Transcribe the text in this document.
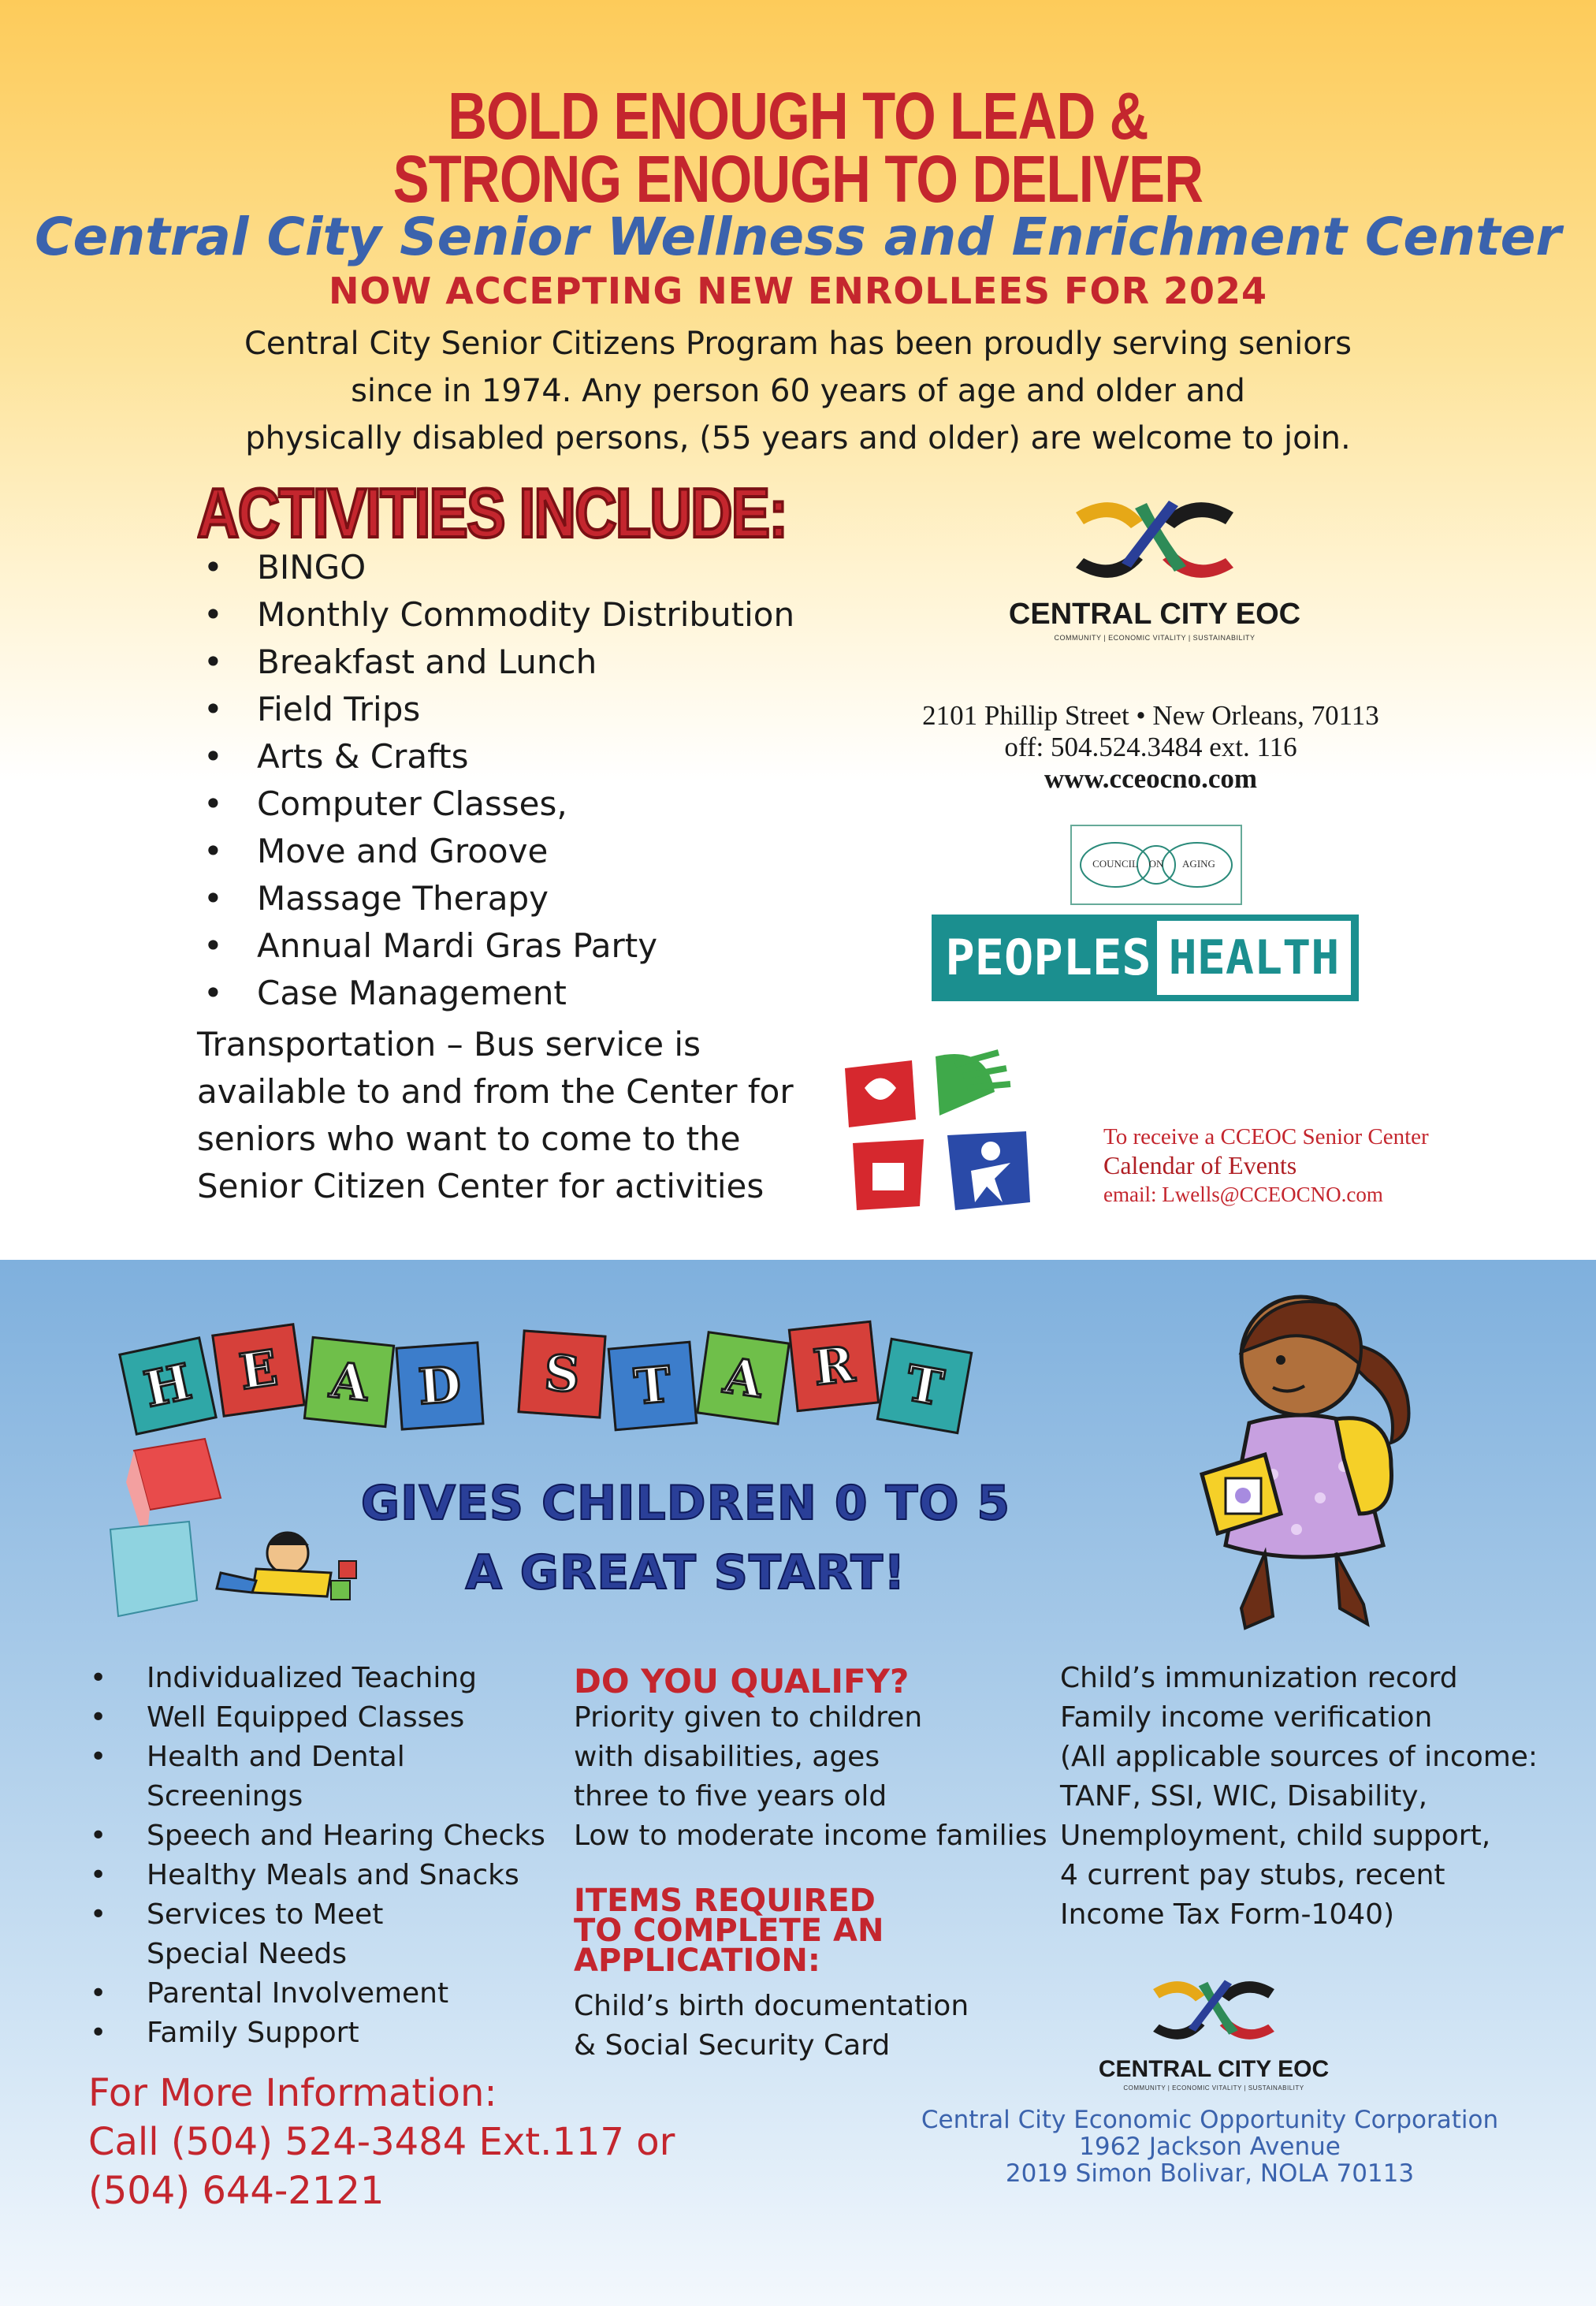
BOLD ENOUGH TO LEAD &
STRONG ENOUGH TO DELIVER
Central City Senior Wellness and Enrichment Center
NOW ACCEPTING NEW ENROLLEES FOR 2024
Central City Senior Citizens Program has been proudly serving seniors
since in 1974. Any person 60 years of age and older and
physically disabled persons, (55 years and older) are welcome to join.
ACTIVITIES INCLUDE:
• BINGO
• Monthly Commodity Distribution
• Breakfast and Lunch
• Field Trips
• Arts & Crafts
• Computer Classes,
• Move and Groove
• Massage Therapy
• Annual Mardi Gras Party
• Case Management
Transportation – Bus service is
available to and from the Center for
seniors who want to come to the
Senior Citizen Center for activities
CENTRAL CITY EOC
COMMUNITY | ECONOMIC VITALITY | SUSTAINABILITY
2101 Phillip Street • New Orleans, 70113
off: 504.524.3484 ext. 116
www.cceocno.com
COUNCIL	ON	AGING
PEOPLES HEALTH
To receive a CCEOC Senior Center
Calendar of Events
email: Lwells@CCEOCNO.com
H E A D	S	T A R T
GIVES CHILDREN 0 TO 5
A GREAT START!
• Individualized Teaching
• Well Equipped Classes
• Health and Dental
Screenings
• Speech and Hearing Checks
• Healthy Meals and Snacks
• Services to Meet
Special Needs
• Parental Involvement
• Family Support
DO YOU QUALIFY?
Priority given to children
with disabilities, ages
three to five years old
Low to moderate income families
ITEMS REQUIRED
TO COMPLETE AN
APPLICATION:
Child’s birth documentation
& Social Security Card
Child’s immunization record
Family income verification
(All applicable sources of income:
TANF, SSI, WIC, Disability,
Unemployment, child support,
4 current pay stubs, recent
Income Tax Form-1040)
CENTRAL CITY EOC
COMMUNITY | ECONOMIC VITALITY | SUSTAINABILITY
For More Information:
Call (504) 524-3484 Ext.117 or
(504) 644-2121
Central City Economic Opportunity Corporation
1962 Jackson Avenue
2019 Simon Bolivar, NOLA 70113
